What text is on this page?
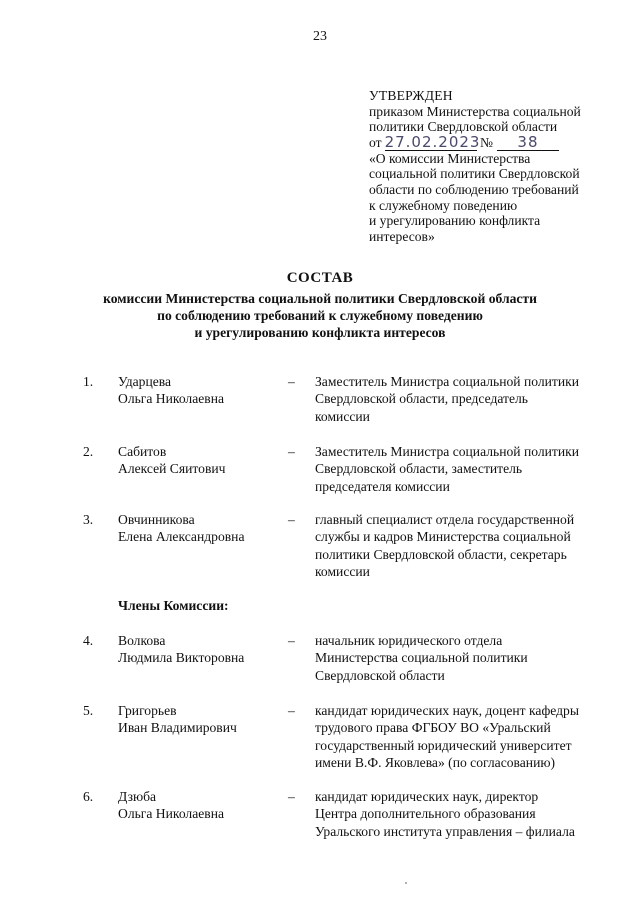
23
УТВЕРЖДЕН
приказом Министерства социальной
политики Свердловской области
от 27.02.2023 № 38
«О комиссии Министерства
социальной политики Свердловской
области по соблюдению требований
к служебному поведению
и урегулированию конфликта
интересов»
СОСТАВ
комиссии Министерства социальной политики Свердловской области
по соблюдению требований к служебному поведению
и урегулированию конфликта интересов
1.	Ударцева
Ольга Николаевна
–	Заместитель Министра социальной политики
Свердловской области, председатель
комиссии
2.	Сабитов
Алексей Сяитович
–	Заместитель Министра социальной политики
Свердловской области, заместитель
председателя комиссии
3.	Овчинникова
Елена Александровна
–	главный специалист отдела государственной
службы и кадров Министерства социальной
политики Свердловской области, секретарь
комиссии
Члены Комиссии:
4.	Волкова
Людмила Викторовна
–	начальник юридического отдела
Министерства социальной политики
Свердловской области
5.	Григорьев
Иван Владимирович
–	кандидат юридических наук, доцент кафедры
трудового права ФГБОУ ВО «Уральский
государственный юридический университет
имени В.Ф. Яковлева» (по согласованию)
6.	Дзюба
Ольга Николаевна
–	кандидат юридических наук, директор
Центра дополнительного образования
Уральского института управления – филиала
